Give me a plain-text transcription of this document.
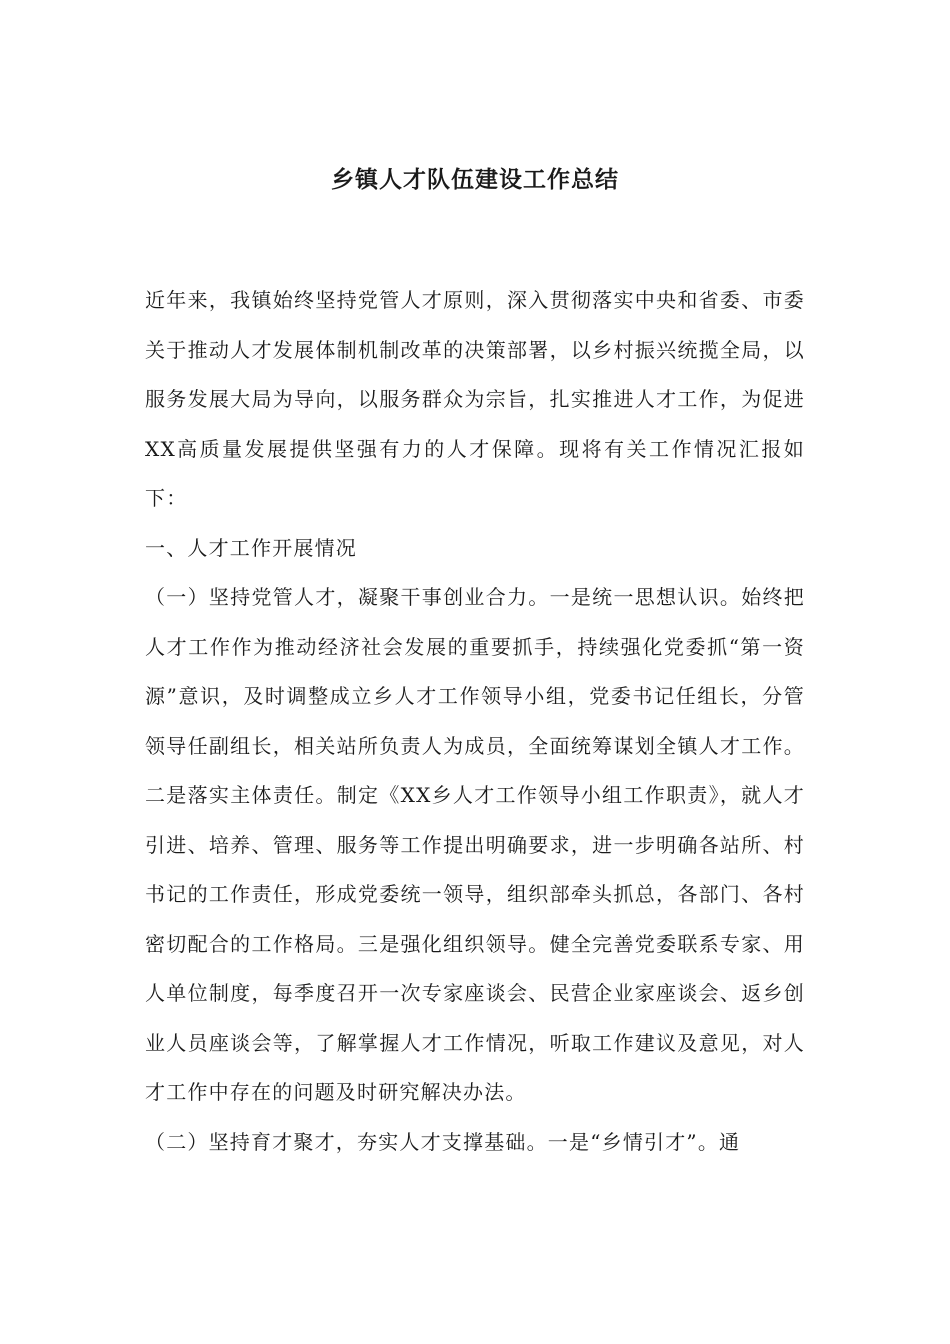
乡镇人才队伍建设工作总结

近年来，我镇始终坚持党管人才原则，深入贯彻落实中央和省委、市委关于推动人才发展体制机制改革的决策部署，以乡村振兴统揽全局，以服务发展大局为导向，以服务群众为宗旨，扎实推进人才工作，为促进XX高质量发展提供坚强有力的人才保障。现将有关工作情况汇报如下：

一、人才工作开展情况

（一）坚持党管人才，凝聚干事创业合力。一是统一思想认识。始终把人才工作作为推动经济社会发展的重要抓手，持续强化党委抓“第一资源”意识，及时调整成立乡人才工作领导小组，党委书记任组长，分管领导任副组长，相关站所负责人为成员，全面统筹谋划全镇人才工作。二是落实主体责任。制定《XX乡人才工作领导小组工作职责》，就人才引进、培养、管理、服务等工作提出明确要求，进一步明确各站所、村书记的工作责任，形成党委统一领导，组织部牵头抓总，各部门、各村密切配合的工作格局。三是强化组织领导。健全完善党委联系专家、用人单位制度，每季度召开一次专家座谈会、民营企业家座谈会、返乡创业人员座谈会等，了解掌握人才工作情况，听取工作建议及意见，对人才工作中存在的问题及时研究解决办法。

（二）坚持育才聚才，夯实人才支撑基础。一是“乡情引才”。通
